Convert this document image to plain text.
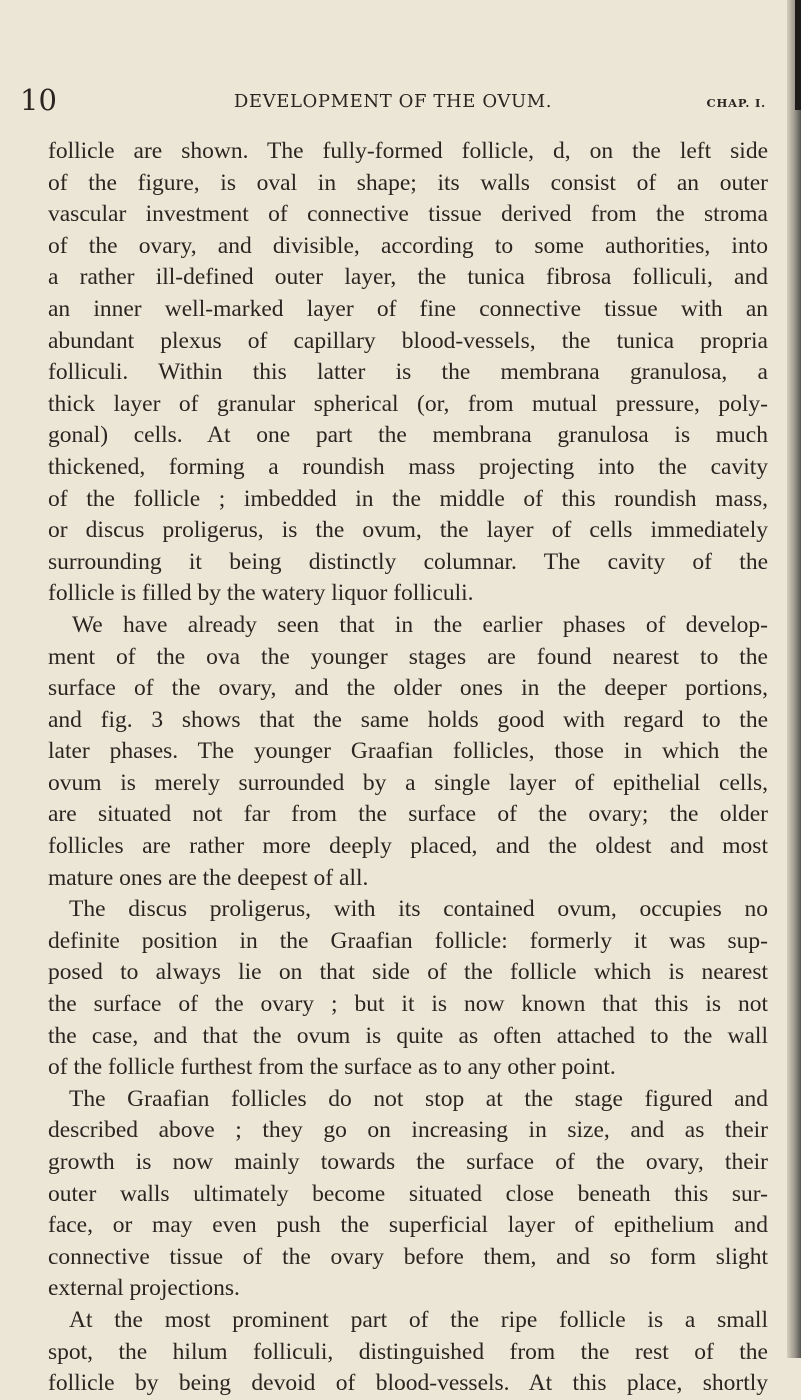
10	DEVELOPMENT OF THE OVUM.	CHAP. I.
follicle are shown. The fully-formed follicle, d, on the left side
of the figure, is oval in shape; its walls consist of an outer
vascular investment of connective tissue derived from the stroma
of the ovary, and divisible, according to some authorities, into
a rather ill-defined outer layer, the tunica fibrosa folliculi, and
an inner well-marked layer of fine connective tissue with an
abundant plexus of capillary blood-vessels, the tunica propria
folliculi. Within this latter is the membrana granulosa, a
thick layer of granular spherical (or, from mutual pressure, poly-
gonal) cells. At one part the membrana granulosa is much
thickened, forming a roundish mass projecting into the cavity
of the follicle ; imbedded in the middle of this roundish mass,
or discus proligerus, is the ovum, the layer of cells immediately
surrounding it being distinctly columnar. The cavity of the
follicle is filled by the watery liquor folliculi.
We have already seen that in the earlier phases of develop-
ment of the ova the younger stages are found nearest to the
surface of the ovary, and the older ones in the deeper portions,
and fig. 3 shows that the same holds good with regard to the
later phases. The younger Graafian follicles, those in which the
ovum is merely surrounded by a single layer of epithelial cells,
are situated not far from the surface of the ovary; the older
follicles are rather more deeply placed, and the oldest and most
mature ones are the deepest of all.
The discus proligerus, with its contained ovum, occupies no
definite position in the Graafian follicle: formerly it was sup-
posed to always lie on that side of the follicle which is nearest
the surface of the ovary ; but it is now known that this is not
the case, and that the ovum is quite as often attached to the wall
of the follicle furthest from the surface as to any other point.
The Graafian follicles do not stop at the stage figured and
described above ; they go on increasing in size, and as their
growth is now mainly towards the surface of the ovary, their
outer walls ultimately become situated close beneath this sur-
face, or may even push the superficial layer of epithelium and
connective tissue of the ovary before them, and so form slight
external projections.
At the most prominent part of the ripe follicle is a small
spot, the hilum folliculi, distinguished from the rest of the
follicle by being devoid of blood-vessels. At this place, shortly
